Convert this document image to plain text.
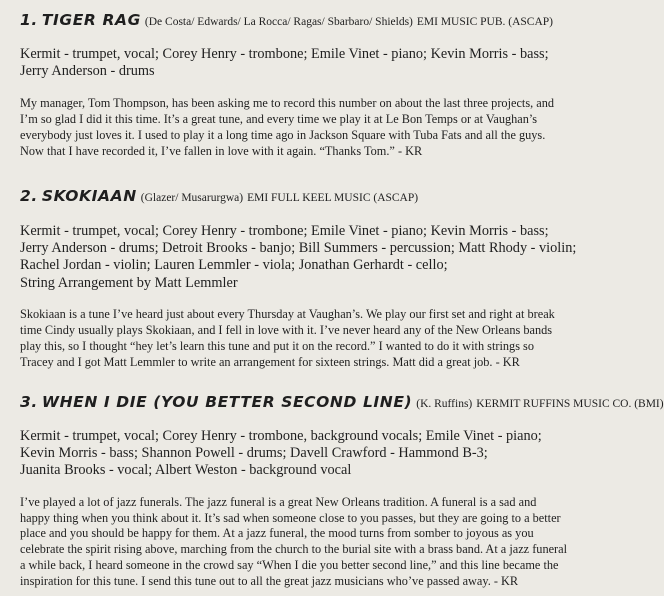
1. TIGER RAG (De Costa/ Edwards/ La Rocca/ Ragas/ Sbarbaro/ Shields) EMI MUSIC PUB. (ASCAP)

Kermit - trumpet, vocal; Corey Henry - trombone; Emile Vinet - piano; Kevin Morris - bass;
Jerry Anderson - drums

My manager, Tom Thompson, has been asking me to record this number on about the last three projects, and
I’m so glad I did it this time. It’s a great tune, and every time we play it at Le Bon Temps or at Vaughan’s
everybody just loves it. I used to play it a long time ago in Jackson Square with Tuba Fats and all the guys.
Now that I have recorded it, I’ve fallen in love with it again. “Thanks Tom.” - KR

2. SKOKIAAN (Glazer/ Musarurgwa) EMI FULL KEEL MUSIC (ASCAP)

Kermit - trumpet, vocal; Corey Henry - trombone; Emile Vinet - piano; Kevin Morris - bass;
Jerry Anderson - drums; Detroit Brooks - banjo; Bill Summers - percussion; Matt Rhody - violin;
Rachel Jordan - violin; Lauren Lemmler - viola; Jonathan Gerhardt - cello;
String Arrangement by Matt Lemmler

Skokiaan is a tune I’ve heard just about every Thursday at Vaughan’s. We play our first set and right at break
time Cindy usually plays Skokiaan, and I fell in love with it. I’ve never heard any of the New Orleans bands
play this, so I thought “hey let’s learn this tune and put it on the record.” I wanted to do it with strings so
Tracey and I got Matt Lemmler to write an arrangement for sixteen strings. Matt did a great job. - KR

3. WHEN I DIE (YOU BETTER SECOND LINE) (K. Ruffins) KERMIT RUFFINS MUSIC CO. (BMI)

Kermit - trumpet, vocal; Corey Henry - trombone, background vocals; Emile Vinet - piano;
Kevin Morris - bass; Shannon Powell - drums; Davell Crawford - Hammond B-3;
Juanita Brooks - vocal; Albert Weston - background vocal

I’ve played a lot of jazz funerals. The jazz funeral is a great New Orleans tradition. A funeral is a sad and
happy thing when you think about it. It’s sad when someone close to you passes, but they are going to a better
place and you should be happy for them. At a jazz funeral, the mood turns from somber to joyous as you
celebrate the spirit rising above, marching from the church to the burial site with a brass band. At a jazz funeral
a while back, I heard someone in the crowd say “When I die you better second line,” and this line became the
inspiration for this tune. I send this tune out to all the great jazz musicians who’ve passed away. - KR
